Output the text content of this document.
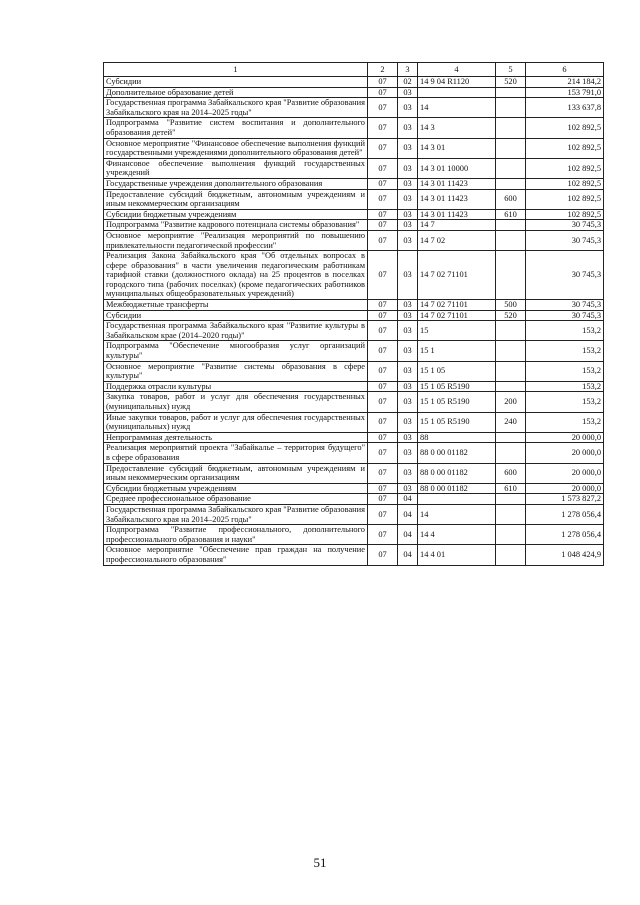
1	2	3	4	5	6
Субсидии	07	02	14 9 04 R1120	520	214 184,2
Дополнительное образование детей	07	03			153 791,0
Государственная программа Забайкальского края "Развитие образования Забайкальского края на 2014–2025 годы"	07	03	14		133 637,8
Подпрограмма "Развитие систем воспитания и дополнительного образования детей"	07	03	14 3		102 892,5
Основное мероприятие "Финансовое обеспечение выполнения функций государственными учреждениями дополнительного образования детей"	07	03	14 3 01		102 892,5
Финансовое обеспечение выполнения функций государственных учреждений	07	03	14 3 01 10000		102 892,5
Государственные учреждения дополнительного образования	07	03	14 3 01 11423		102 892,5
Предоставление субсидий бюджетным, автономным учреждениям и иным некоммерческим организациям	07	03	14 3 01 11423	600	102 892,5
Субсидии бюджетным учреждениям	07	03	14 3 01 11423	610	102 892,5
Подпрограмма "Развитие кадрового потенциала системы образования"	07	03	14 7		30 745,3
Основное мероприятие "Реализация мероприятий по повышению привлекательности педагогической профессии"	07	03	14 7 02		30 745,3
Реализация Закона Забайкальского края "Об отдельных вопросах в сфере образования" в части увеличения педагогическим работникам тарифной ставки (должностного оклада) на 25 процентов в поселках городского типа (рабочих поселках) (кроме педагогических работников муниципальных общеобразовательных учреждений)	07	03	14 7 02 71101		30 745,3
Межбюджетные трансферты	07	03	14 7 02 71101	500	30 745,3
Субсидии	07	03	14 7 02 71101	520	30 745,3
Государственная программа Забайкальского края "Развитие культуры в Забайкальском крае (2014–2020 годы)"	07	03	15		153,2
Подпрограмма "Обеспечение многообразия услуг организаций культуры"	07	03	15 1		153,2
Основное мероприятие "Развитие системы образования в сфере культуры"	07	03	15 1 05		153,2
Поддержка отрасли культуры	07	03	15 1 05 R5190		153,2
Закупка товаров, работ и услуг для обеспечения государственных (муниципальных) нужд	07	03	15 1 05 R5190	200	153,2
Иные закупки товаров, работ и услуг для обеспечения государственных (муниципальных) нужд	07	03	15 1 05 R5190	240	153,2
Непрограммная деятельность	07	03	88		20 000,0
Реализация мероприятий проекта "Забайкалье – территория будущего" в сфере образования	07	03	88 0 00 01182		20 000,0
Предоставление субсидий бюджетным, автономным учреждениям и иным некоммерческим организациям	07	03	88 0 00 01182	600	20 000,0
Субсидии бюджетным учреждениям	07	03	88 0 00 01182	610	20 000,0
Среднее профессиональное образование	07	04			1 573 827,2
Государственная программа Забайкальского края "Развитие образования Забайкальского края на 2014–2025 годы"	07	04	14		1 278 056,4
Подпрограмма "Развитие профессионального, дополнительного профессионального образования и науки"	07	04	14 4		1 278 056,4
Основное мероприятие "Обеспечение прав граждан на получение профессионального образования"	07	04	14 4 01		1 048 424,9
51
